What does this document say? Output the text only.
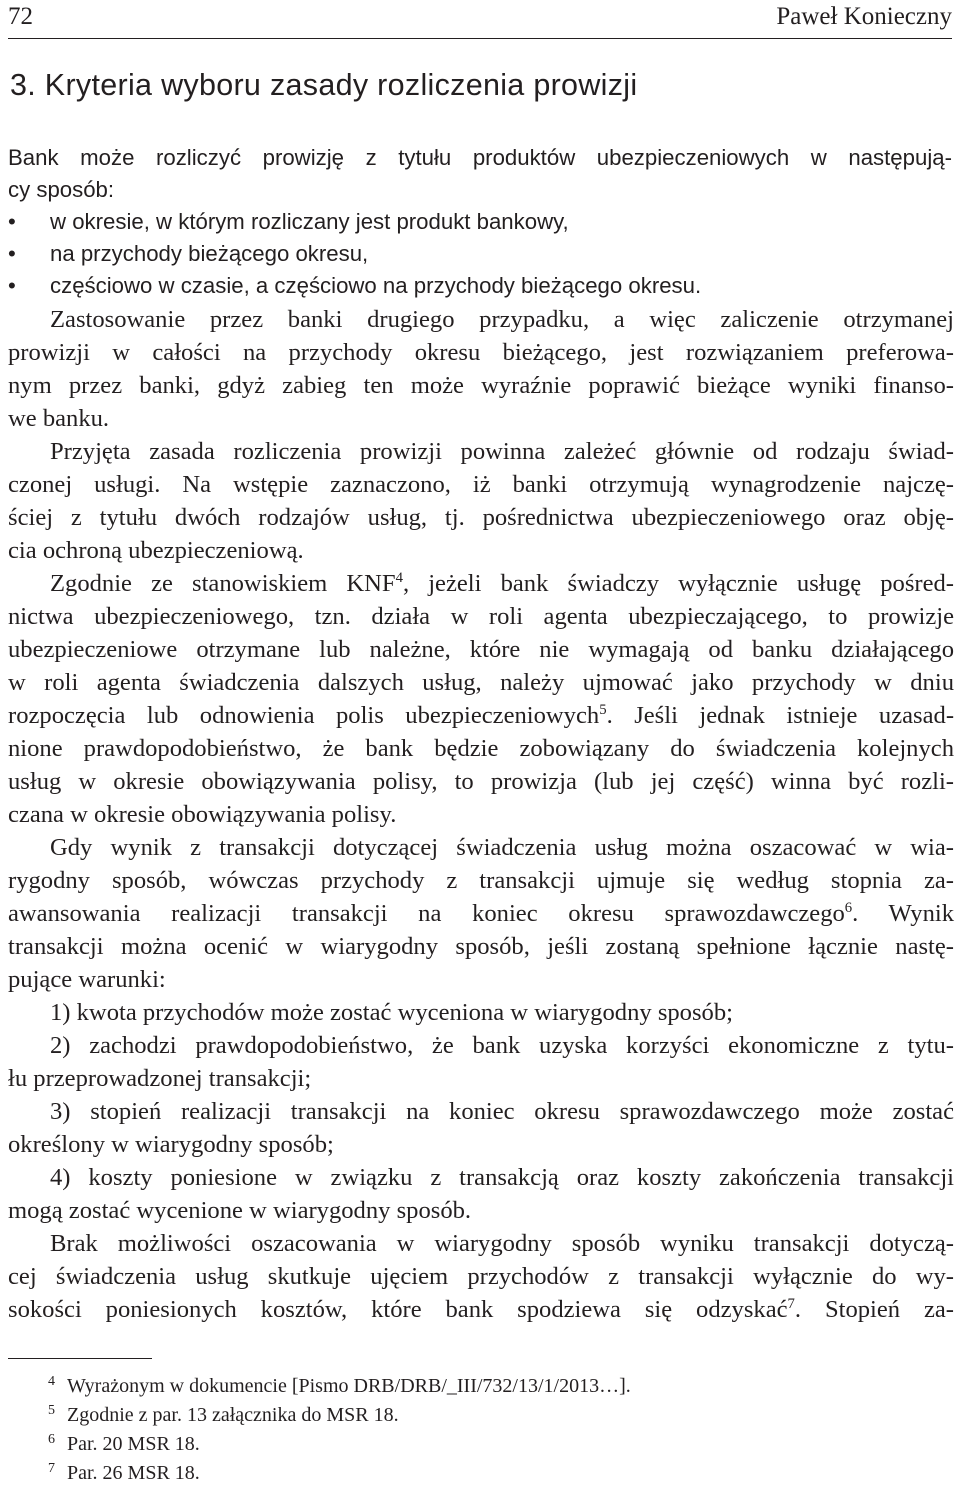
72	Paweł Konieczny
3. Kryteria wyboru zasady rozliczenia prowizji
Bank może rozliczyć prowizję z tytułu produktów ubezpieczeniowych w następują-
cy sposób:
• w okresie, w którym rozliczany jest produkt bankowy,
• na przychody bieżącego okresu,
• częściowo w czasie, a częściowo na przychody bieżącego okresu.
Zastosowanie przez banki drugiego przypadku, a więc zaliczenie otrzymanej
prowizji w całości na przychody okresu bieżącego, jest rozwiązaniem preferowa-
nym przez banki, gdyż zabieg ten może wyraźnie poprawić bieżące wyniki finanso-
we banku.
Przyjęta zasada rozliczenia prowizji powinna zależeć głównie od rodzaju świad-
czonej usługi. Na wstępie zaznaczono, iż banki otrzymują wynagrodzenie najczę-
ściej z tytułu dwóch rodzajów usług, tj. pośrednictwa ubezpieczeniowego oraz obję-
cia ochroną ubezpieczeniową.
Zgodnie ze stanowiskiem KNF$^4$, jeżeli bank świadczy wyłącznie usługę pośred-
nictwa ubezpieczeniowego, tzn. działa w roli agenta ubezpieczającego, to prowizje
ubezpieczeniowe otrzymane lub należne, które nie wymagają od banku działającego
w roli agenta świadczenia dalszych usług, należy ujmować jako przychody w dniu
rozpoczęcia lub odnowienia polis ubezpieczeniowych$^5$. Jeśli jednak istnieje uzasad-
nione prawdopodobieństwo, że bank będzie zobowiązany do świadczenia kolejnych
usług w okresie obowiązywania polisy, to prowizja (lub jej część) winna być rozli-
czana w okresie obowiązywania polisy.
Gdy wynik z transakcji dotyczącej świadczenia usług można oszacować w wia-
rygodny sposób, wówczas przychody z transakcji ujmuje się według stopnia za-
awansowania realizacji transakcji na koniec okresu sprawozdawczego$^6$. Wynik
transakcji można ocenić w wiarygodny sposób, jeśli zostaną spełnione łącznie nastę-
pujące warunki:
1) kwota przychodów może zostać wyceniona w wiarygodny sposób;
2) zachodzi prawdopodobieństwo, że bank uzyska korzyści ekonomiczne z tytu-
łu przeprowadzonej transakcji;
3) stopień realizacji transakcji na koniec okresu sprawozdawczego może zostać
określony w wiarygodny sposób;
4) koszty poniesione w związku z transakcją oraz koszty zakończenia transakcji
mogą zostać wycenione w wiarygodny sposób.
Brak możliwości oszacowania w wiarygodny sposób wyniku transakcji dotyczą-
cej świadczenia usług skutkuje ujęciem przychodów z transakcji wyłącznie do wy-
sokości poniesionych kosztów, które bank spodziewa się odzyskać$^7$. Stopień za-
4 Wyrażonym w dokumencie [Pismo DRB/DRB/_III/732/13/1/2013…].
5 Zgodnie z par. 13 załącznika do MSR 18.
6 Par. 20 MSR 18.
7 Par. 26 MSR 18.
